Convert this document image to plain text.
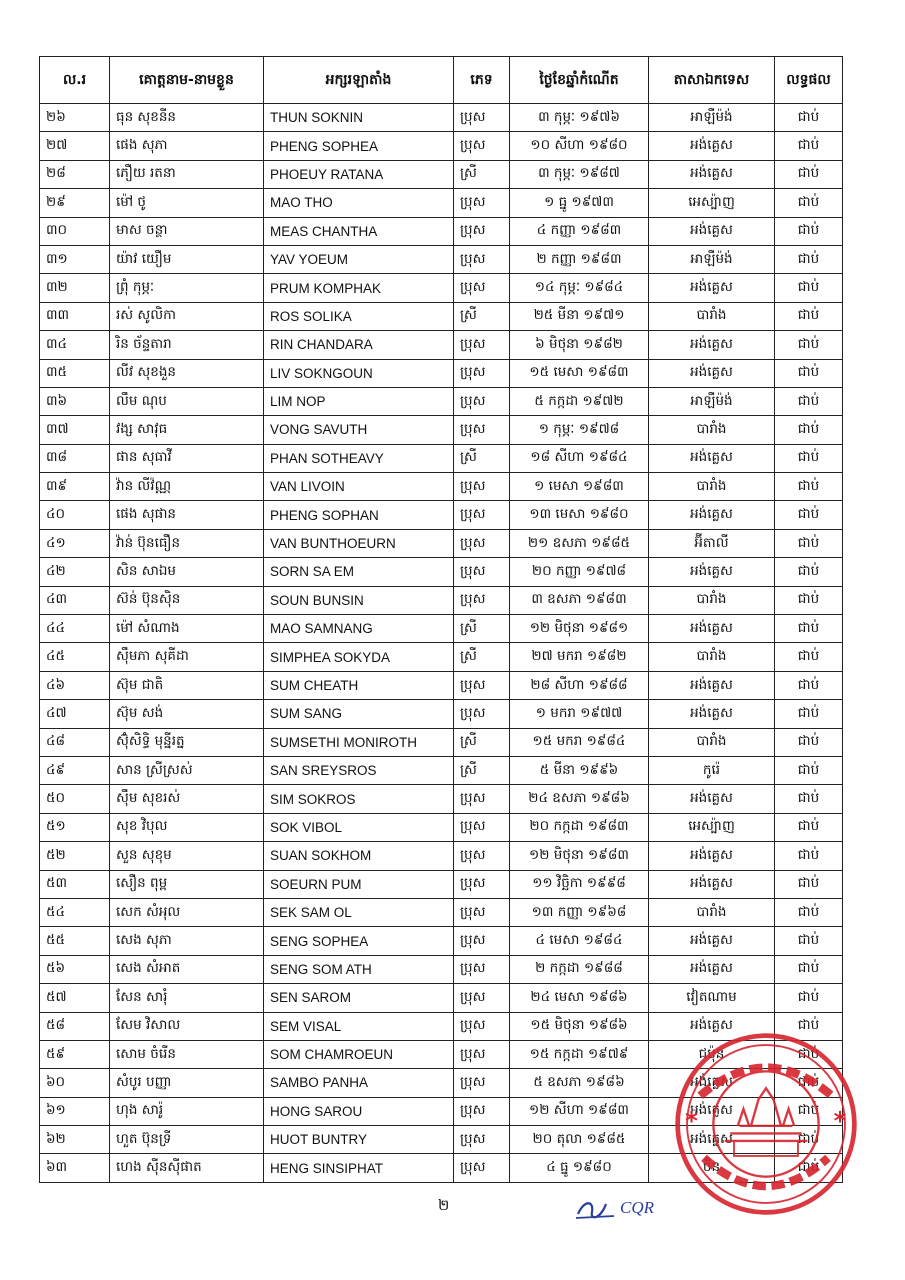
ល.រ	គោត្តនាម-នាមខ្លួន	អក្សរឡាតាំង	ភេទ	ថ្ងៃខែឆ្នាំកំណើត	តាសាឯកទេស	លទ្ធផល
២៦	ធុន សុខនីន	THUN SOKNIN	ប្រុស	៣ កុម្ភៈ ១៩៧៦	អាឡឺម៉ង់	ជាប់
២៧	ផេង សុភា	PHENG SOPHEA	ប្រុស	១០ សីហា ១៩៨០	អង់គ្លេស	ជាប់
២៨	ភឿយ រតនា	PHOEUY RATANA	ស្រី	៣ កុម្ភៈ ១៩៨៧	អង់គ្លេស	ជាប់
២៩	ម៉ៅ ថូ	MAO THO	ប្រុស	១ ធ្នូ ១៩៧៣	អេស្ប៉ាញ	ជាប់
៣០	មាស ចន្ថា	MEAS CHANTHA	ប្រុស	៤ កញ្ញា ១៩៨៣	អង់គ្លេស	ជាប់
៣១	យ៉ាវ យឿម	YAV YOEUM	ប្រុស	២ កញ្ញា ១៩៨៣	អាឡឺម៉ង់	ជាប់
៣២	ព្រុំ កុម្ភៈ	PRUM KOMPHAK	ប្រុស	១៤ កុម្ភៈ ១៩៨៤	អង់គ្លេស	ជាប់
៣៣	រស់ សូលិកា	ROS SOLIKA	ស្រី	២៥ មីនា ១៩៧១	បារាំង	ជាប់
៣៤	រិន ច័ន្ទតារា	RIN CHANDARA	ប្រុស	៦ មិថុនា ១៩៨២	អង់គ្លេស	ជាប់
៣៥	លីវ សុខងួន	LIV SOKNGOUN	ប្រុស	១៥ មេសា ១៩៨៣	អង់គ្លេស	ជាប់
៣៦	លឹម ណុប	LIM NOP	ប្រុស	៥ កក្កដា ១៩៧២	អាឡឺម៉ង់	ជាប់
៣៧	វង្ស សាវុធ	VONG SAVUTH	ប្រុស	១ កុម្ភៈ ១៩៧៨	បារាំង	ជាប់
៣៨	ផាន សុធាវី	PHAN SOTHEAVY	ស្រី	១៨ សីហា ១៩៨៤	អង់គ្លេស	ជាប់
៣៩	វ៉ាន លីវ៉ណ្ណ	VAN LIVOIN	ប្រុស	១ មេសា ១៩៨៣	បារាំង	ជាប់
៤០	ផេង សុផាន	PHENG SOPHAN	ប្រុស	១៣ មេសា ១៩៨០	អង់គ្លេស	ជាប់
៤១	វ៉ាន់ ប៊ុនធឿន	VAN BUNTHOEURN	ប្រុស	២១ ឧសភា ១៩៨៥	អ៊ីតាលី	ជាប់
៤២	សិន សាឯម	SORN SA EM	ប្រុស	២០ កញ្ញា ១៩៧៨	អង់គ្លេស	ជាប់
៤៣	ស៊ន់ ប៊ុនស៊ិន	SOUN BUNSIN	ប្រុស	៣ ឧសភា ១៩៨៣	បារាំង	ជាប់
៤៤	ម៉ៅ សំណាង	MAO SAMNANG	ស្រី	១២ មិថុនា ១៩៨១	អង់គ្លេស	ជាប់
៤៥	ស៊ឹមភា សុគីដា	SIMPHEA SOKYDA	ស្រី	២៧ មករា ១៩៨២	បារាំង	ជាប់
៤៦	ស៊ុម ជាតិ	SUM CHEATH	ប្រុស	២៨ សីហា ១៩៨៨	អង់គ្លេស	ជាប់
៤៧	ស៊ុម សង់	SUM SANG	ប្រុស	១ មករា ១៩៧៧	អង់គ្លេស	ជាប់
៤៨	ស៊ុំសិទ្ធិ មុន្នីរត្ន	SUMSETHI MONIROTH	ស្រី	១៥ មករា ១៩៨៤	បារាំង	ជាប់
៤៩	សាន ស្រីស្រស់	SAN SREYSROS	ស្រី	៥ មីនា ១៩៩៦	កូរ៉េ	ជាប់
៥០	ស៊ឹម សុខរស់	SIM SOKROS	ប្រុស	២៤ ឧសភា ១៩៨៦	អង់គ្លេស	ជាប់
៥១	សុខ វិបុល	SOK VIBOL	ប្រុស	២០ កក្កដា ១៩៨៣	អេស្ប៉ាញ	ជាប់
៥២	សួន សុខុម	SUAN SOKHOM	ប្រុស	១២ មិថុនា ១៩៨៣	អង់គ្លេស	ជាប់
៥៣	សឿន ពុម្ព	SOEURN PUM	ប្រុស	១១ វិច្ឆិកា ១៩៩៨	អង់គ្លេស	ជាប់
៥៤	សេក សំអុល	SEK SAM OL	ប្រុស	១៣ កញ្ញា ១៩៦៨	បារាំង	ជាប់
៥៥	សេង សុភា	SENG SOPHEA	ប្រុស	៤ មេសា ១៩៨៤	អង់គ្លេស	ជាប់
៥៦	សេង សំអាត	SENG SOM ATH	ប្រុស	២ កក្កដា ១៩៨៨	អង់គ្លេស	ជាប់
៥៧	សែន សារុំ	SEN SAROM	ប្រុស	២៤ មេសា ១៩៨៦	វៀតណាម	ជាប់
៥៨	សែម វិសាល	SEM VISAL	ប្រុស	១៥ មិថុនា ១៩៨៦	អង់គ្លេស	ជាប់
៥៩	សោម ចំរើន	SOM CHAMROEUN	ប្រុស	១៥ កក្កដា ១៩៧៩	ជប៉ុន	ជាប់
៦០	សំបូរ បញ្ញា	SAMBO PANHA	ប្រុស	៥ ឧសភា ១៩៨៦	អង់គ្លេស	ជាប់
៦១	ហុង សារ៉ូ	HONG SAROU	ប្រុស	១២ សីហា ១៩៨៣	អង់គ្លេស	ជាប់
៦២	ហួត ប៊ុនទ្រី	HUOT BUNTRY	ប្រុស	២០ តុលា ១៩៨៥	អង់គ្លេស	ជាប់
៦៣	ហេង ស៊ីនស៊ីផាត	HENG SINSIPHAT	ប្រុស	៤ ធ្នូ ១៩៨០	ចិន	ជាប់
២	CQR
*	*
